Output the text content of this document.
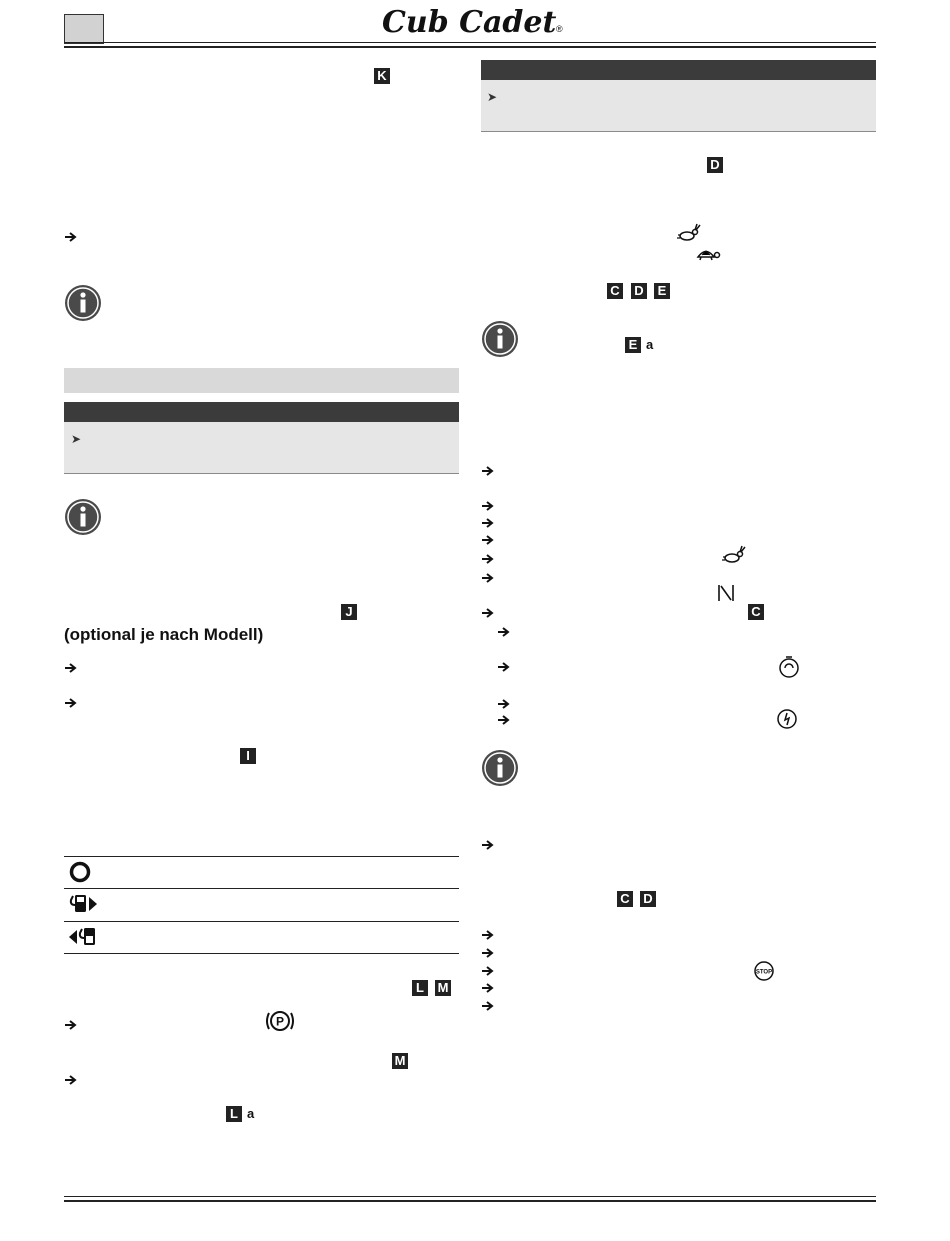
Cub Cadet ®
K
➤
J
(optional je nach Modell)
I
L	M
P
M
L a
➤
D
C D E
E a
C
C D
STOP
